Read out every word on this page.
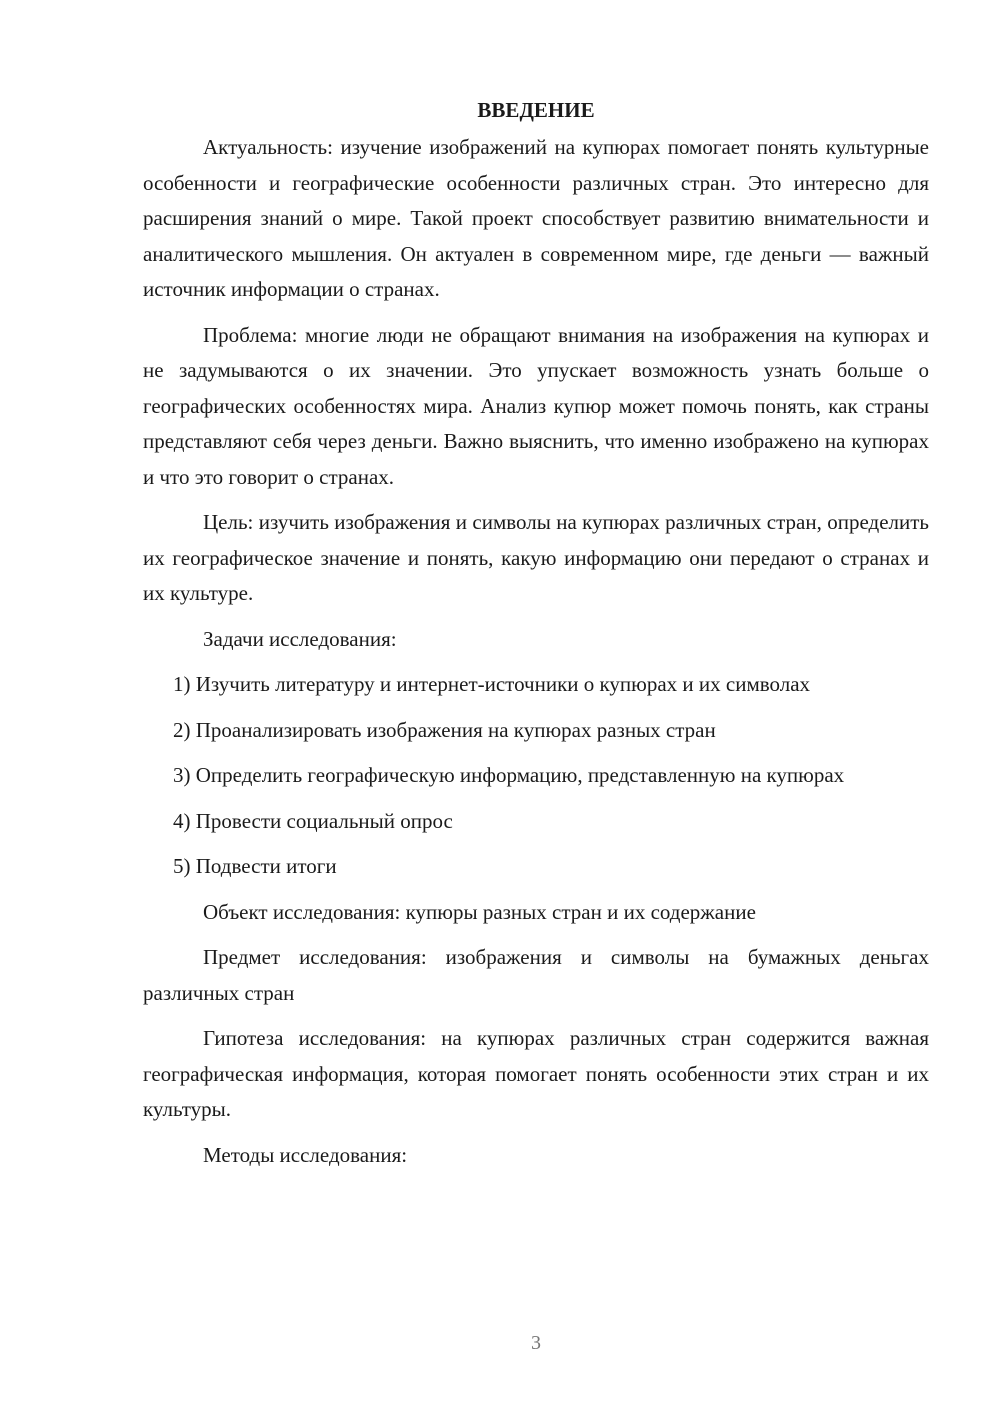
ВВЕДЕНИЕ

Актуальность: изучение изображений на купюрах помогает понять культурные особенности и географические особенности различных стран. Это интересно для расширения знаний о мире. Такой проект способствует развитию внимательности и аналитического мышления. Он актуален в современном мире, где деньги — важный источник информации о странах.

Проблема: многие люди не обращают внимания на изображения на купюрах и не задумываются о их значении. Это упускает возможность узнать больше о географических особенностях мира. Анализ купюр может помочь понять, как страны представляют себя через деньги. Важно выяснить, что именно изображено на купюрах и что это говорит о странах.

Цель: изучить изображения и символы на купюрах различных стран, определить их географическое значение и понять, какую информацию они передают о странах и их культуре.

Задачи исследования:

1) Изучить литературу и интернет-источники о купюрах и их символах

2) Проанализировать изображения на купюрах разных стран

3) Определить географическую информацию, представленную на купюрах

4) Провести социальный опрос

5) Подвести итоги

Объект исследования: купюры разных стран и их содержание

Предмет исследования: изображения и символы на бумажных деньгах различных стран

Гипотеза исследования: на купюрах различных стран содержится важная географическая информация, которая помогает понять особенности этих стран и их культуры.

Методы исследования:

3
